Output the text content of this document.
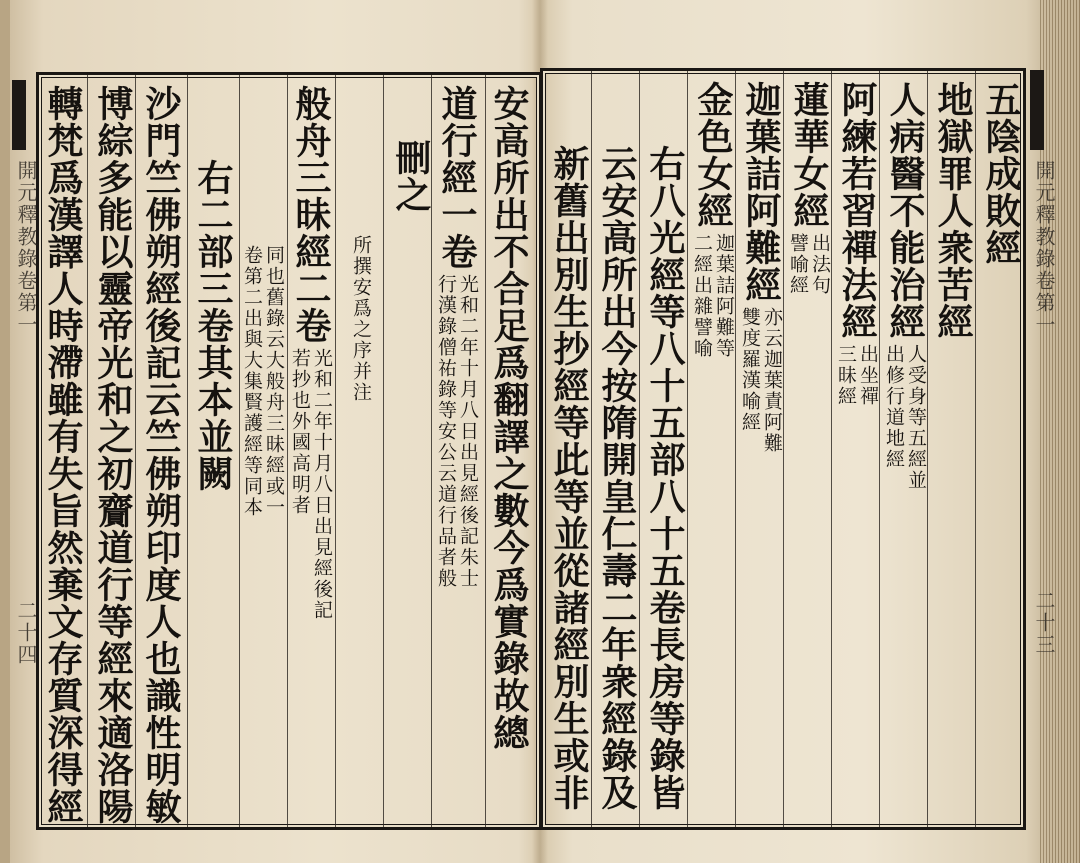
安高所出不合足爲翻譯之數今爲實錄故總
道行經一卷
光和二年十月八日出見經後記朱士
行漢錄僧祐錄等安公云道行品者般
刪之
般舟三昧經二卷
光和二年十月八日出見經後記
若抄也外國高明者
所撰安爲之序并注
同也舊錄云大般舟三昧經或一
卷第二出與大集賢護經等同本
右二部三卷其本並闕
沙門竺佛朔經後記云竺佛朔印度人也識性明敏
博綜多能以靈帝光和之初齎道行等經來適洛陽
轉梵爲漢譯人時滯雖有失旨然棄文存質深得經	五陰成敗經
地獄罪人衆苦經
人病醫不能治經
人受身等五經並
出修行道地經
阿練若習禪法經
出坐禪
三昧經
蓮華女經
出法句
譬喻經
迦葉詰阿難經
亦云迦葉責阿難
雙度羅漢喻經
金色女經
迦葉詰阿難等
二經出雜譬喻
右八光經等八十五部八十五卷長房等錄皆
云安高所出今按隋開皇仁壽二年衆經錄及
新舊出別生抄經等此等並從諸經別生或非
開元釋教錄卷第一
二十四
開元釋教錄卷第一
二十三
